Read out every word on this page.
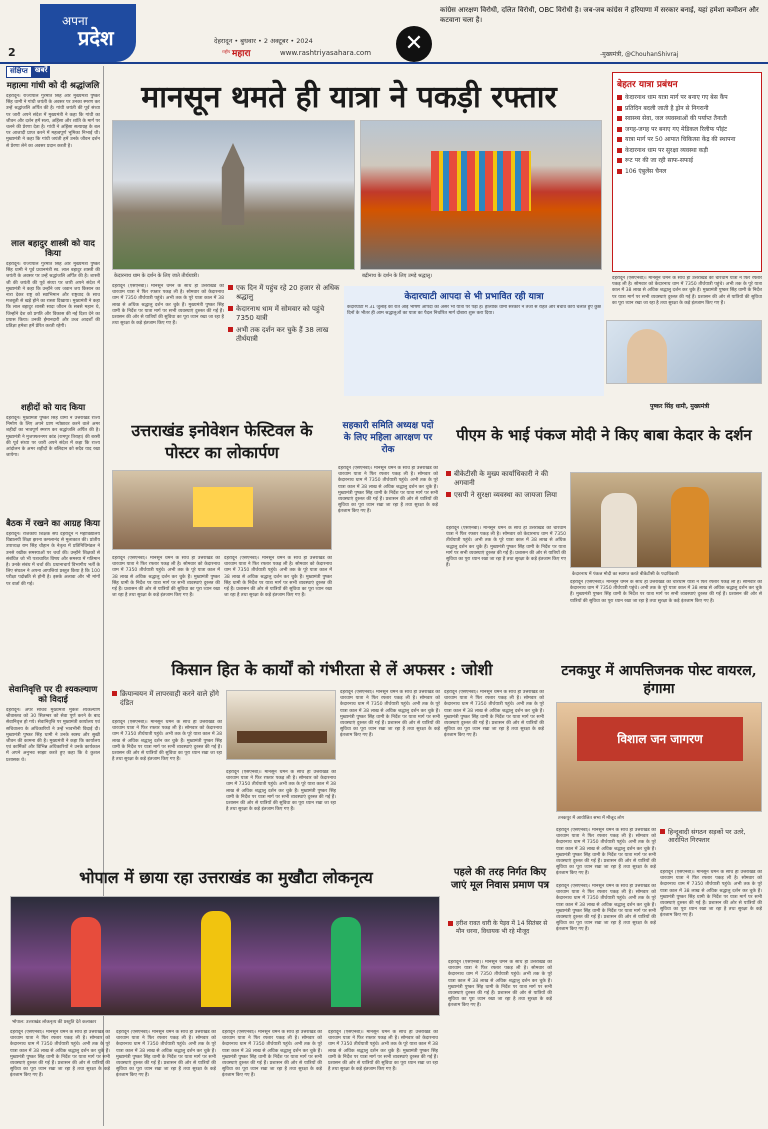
2
अपना
प्रदेश	देहरादून • बुधवार • 2 अक्टूबर • 2024
राष्ट्रीय महारा	www.rashtriyasahara.com	✕
कांग्रेस आरक्षण विरोधी, दलित विरोधी, OBC विरोधी है। जब-जब कांग्रेस ने हरियाणा में सरकार बनाई, यहां हमेशा कमीशन और कटवाना चला है।
-मुख्यमंत्री, @ChouhanShivraj
संक्षिप्त	खबरें
महात्मा गांधी को दी श्रद्धांजलि
देहरादून। राज्यपाल गुरमीत सिंह और मुख्यमंत्री पुष्कर सिंह धामी ने गांधी जयंती के अवसर पर उनका स्मरण कर उन्हें श्रद्धांजलि अर्पित की है। गांधी जयंती की पूर्व संध्या पर जारी अपने संदेश में मुख्यमंत्री ने कहा कि गांधी का जीवन और दर्शन हमें सत्य, अहिंसा और शांति के मार्ग पर चलने की प्रेरणा देता है। गांधी ने अहिंसा सत्याग्रह के बल पर आजादी प्राप्त करने में महत्वपूर्ण भूमिका निभाई थी। मुख्यमंत्री ने कहा कि गांधी जयंती हमें उनके जीवन दर्शन से प्रेरणा लेने का अवसर प्रदान करती है।
लाल बहादुर शास्त्री को याद किया
देहरादून। राज्यपाल गुरमीत सिंह और मुख्यमंत्री पुष्कर सिंह धामी ने पूर्व प्रधानमंत्री स्व. लाल बहादुर शास्त्री की जयंती के अवसर पर उन्हें श्रद्धांजलि अर्पित की है। शास्त्री जी की जयंती की पूर्व संध्या पर जारी अपने संदेश में मुख्यमंत्री ने कहा कि उन्होंने जय जवान जय किसान का नारा देकर राष्ट्र को स्वाभिमान और राष्ट्रवाद के साथ मजबूती से खड़े होने का रास्ता दिखाया। मुख्यमंत्री ने कहा कि लाल बहादुर शास्त्री सादा जीवन के सबसे महान थे, जिन्होंने देश को प्रगति और विकास की नई दिशा देने का प्रयास किया। उनकी ईमानदारी और उच्च आदर्शों की प्रतिज्ञा हमेशा हमें प्रेरित करती रहेगी।
शहीदों को याद किया
देहरादून। मुख्यमंत्री पुष्कर सिंह धामी ने उत्तराखंड राज्य निर्माण के लिए अपने प्राण न्योछावर करने वाले अमर शहीदों का भावपूर्ण स्मरण कर श्रद्धांजलि अर्पित की है। मुख्यमंत्री ने मुजफ्फरनगर कांड (रामपुर तिराहा) की बरसी की पूर्व संध्या पर जारी अपने संदेश में कहा कि राज्य आंदोलन के अमर शहीदों के बलिदान को सदैव याद रखा जायेगा।
बैठक में रखने का आग्रह किया
देहरादून। राजकीय शिक्षक संघ देहरादून ने महाविद्यालय विद्यालयी शिक्षा झरना कमलानंद से मुलाकात की। प्रांतीय उपाध्यक्ष राम सिंह चौहान के नेतृत्व में प्रतिनिधिमंडल ने उनसे रखीक समस्याओं पर चर्चा की। उन्होंने शिक्षकों से संबंधित जो भी पत्राचारित विषय और समस्या में गतिमान है। उनके संबंध में चर्चा की। प्रधानाचार्य विभागीय भर्ती के लिए संघठन ने अपना आपत्तियां प्रस्तुत किया है कि 100 परीक्षा पदोन्नति से होनी है। इसके अलावा और भी मांगों पर वार्ता की गई।
सेवानिवृत्ति पर दी श्यकल्याण को विदाई
देहरादून। अपर सचिव मुख्यमंत्री मुकेश श्यकल्याण श्रीवास्तव को 30 सितम्बर को सेवा पूर्ण करने के बाद सेवानिवृत्त हो गये। सेवानिवृत्ति पर मुख्यमंत्री कार्यालय एवं सचिवालय के अधिकारियों ने उन्हें भावभीनी विदाई दी। मुख्यमंत्री पुष्कर सिंह धामी ने उनके स्वस्थ और सुखी जीवन की कामना की है। मुख्यमंत्री ने कहा कि कार्यालय एवं कार्मिकों और विभिन्न अधिकारियों ने उनके कार्यकाल में अपने अनुभव साझा करते हुए कहा कि वे कुशल प्रशासक थे।
मानसून थमते ही यात्रा ने पकड़ी रफ्तार
केदारनाथ धाम के दर्शन के लिए जाते तीर्थयात्री।	बद्रीनाथ के दर्शन के लिए उमड़े श्रद्धालु।
बेहतर यात्रा प्रबंधन
केदारनाथ धाम यात्रा मार्ग पर बनाए गए बेस कैंप
प्रतिदिन बदली जाती है ड्रोन से निगरानी
स्वास्थ्य सेवा, जल व्यवस्थाओं की पर्याप्त तैनाती
जगह-जगह पर बनाए गए मेडिकल रिलीफ पॉइंट
यात्रा मार्ग पर 50 आपात चिकित्सा केंद्र की स्थापना
केदारनाथ धाम पर सुरक्षा व्यवस्था कड़ी
रूट पर की जा रही साफ-सफाई
106 एंबुलेंस चैनल
देहरादून (एसएनबी)। मानसून थमने के साथ ही उत्तराखंड की चारधाम यात्रा ने फिर रफ्तार पकड़ ली है। सोमवार को केदारनाथ धाम में 7350 तीर्थयात्री पहुंचे। अभी तक के पूरे यात्रा काल में 38 लाख से अधिक श्रद्धालु दर्शन कर चुके हैं। मुख्यमंत्री पुष्कर सिंह धामी के निर्देश पर यात्रा मार्ग पर सभी व्यवस्थाएं दुरुस्त की गई हैं। प्रशासन की ओर से यात्रियों की सुविधा का पूरा ध्यान रखा जा रहा है तथा सुरक्षा के कड़े इंतजाम किए गए हैं।
देहरादून (एसएनबी)। मानसून थमने के साथ ही उत्तराखंड की चारधाम यात्रा ने फिर रफ्तार पकड़ ली है। सोमवार को केदारनाथ धाम में 7350 तीर्थयात्री पहुंचे। अभी तक के पूरे यात्रा काल में 38 लाख से अधिक श्रद्धालु दर्शन कर चुके हैं। मुख्यमंत्री पुष्कर सिंह धामी के निर्देश पर यात्रा मार्ग पर सभी व्यवस्थाएं दुरुस्त की गई हैं। प्रशासन की ओर से यात्रियों की सुविधा का पूरा ध्यान रखा जा रहा है तथा सुरक्षा के कड़े इंतजाम किए गए हैं।
एक दिन में पहुंच रहे 20 हजार से अधिक श्रद्धालु
केदारनाथ धाम में सोमवार को पहुंचे 7350 यात्री
अभी तक दर्शन कर चुके हैं 38 लाख तीर्थयात्री
केदारघाटी आपदा से भी प्रभावित रही यात्रा
केदारघाटी में 31 जुलाई की रात आई भीषण आपदा का असर भी यात्रा पर पड़ा है। हालांकि धामी सरकार ने तेजी से राहत और बचाव कार्य चलाते हुए कुछ दिनों के भीतर ही आम श्रद्धालुओं का यात्रा का पैदल निर्धारित मार्ग दोबारा शुरू करा दिया।
पुष्कर सिंह धामी, मुख्यमंत्री
उत्तराखंड इनोवेशन फेस्टिवल के पोस्टर का लोकार्पण
देहरादून (एसएनबी)। मानसून थमने के साथ ही उत्तराखंड की चारधाम यात्रा ने फिर रफ्तार पकड़ ली है। सोमवार को केदारनाथ धाम में 7350 तीर्थयात्री पहुंचे। अभी तक के पूरे यात्रा काल में 38 लाख से अधिक श्रद्धालु दर्शन कर चुके हैं। मुख्यमंत्री पुष्कर सिंह धामी के निर्देश पर यात्रा मार्ग पर सभी व्यवस्थाएं दुरुस्त की गई हैं। प्रशासन की ओर से यात्रियों की सुविधा का पूरा ध्यान रखा जा रहा है तथा सुरक्षा के कड़े इंतजाम किए गए हैं।
देहरादून (एसएनबी)। मानसून थमने के साथ ही उत्तराखंड की चारधाम यात्रा ने फिर रफ्तार पकड़ ली है। सोमवार को केदारनाथ धाम में 7350 तीर्थयात्री पहुंचे। अभी तक के पूरे यात्रा काल में 38 लाख से अधिक श्रद्धालु दर्शन कर चुके हैं। मुख्यमंत्री पुष्कर सिंह धामी के निर्देश पर यात्रा मार्ग पर सभी व्यवस्थाएं दुरुस्त की गई हैं। प्रशासन की ओर से यात्रियों की सुविधा का पूरा ध्यान रखा जा रहा है तथा सुरक्षा के कड़े इंतजाम किए गए हैं।
सहकारी समिति अध्यक्ष पदों के लिए महिला आरक्षण पर रोक
देहरादून (एसएनबी)। मानसून थमने के साथ ही उत्तराखंड की चारधाम यात्रा ने फिर रफ्तार पकड़ ली है। सोमवार को केदारनाथ धाम में 7350 तीर्थयात्री पहुंचे। अभी तक के पूरे यात्रा काल में 38 लाख से अधिक श्रद्धालु दर्शन कर चुके हैं। मुख्यमंत्री पुष्कर सिंह धामी के निर्देश पर यात्रा मार्ग पर सभी व्यवस्थाएं दुरुस्त की गई हैं। प्रशासन की ओर से यात्रियों की सुविधा का पूरा ध्यान रखा जा रहा है तथा सुरक्षा के कड़े इंतजाम किए गए हैं।
पीएम के भाई पंकज मोदी ने किए बाबा केदार के दर्शन
बीकेटीसी के मुख्य कार्याधिकारी ने की अगवानी
एसपी ने सुरक्षा व्यवस्था का जायजा लिया
केदारनाथ में पंकज मोदी का स्वागत करते बीकेटीसी के पदाधिकारी
देहरादून (एसएनबी)। मानसून थमने के साथ ही उत्तराखंड की चारधाम यात्रा ने फिर रफ्तार पकड़ ली है। सोमवार को केदारनाथ धाम में 7350 तीर्थयात्री पहुंचे। अभी तक के पूरे यात्रा काल में 38 लाख से अधिक श्रद्धालु दर्शन कर चुके हैं। मुख्यमंत्री पुष्कर सिंह धामी के निर्देश पर यात्रा मार्ग पर सभी व्यवस्थाएं दुरुस्त की गई हैं। प्रशासन की ओर से यात्रियों की सुविधा का पूरा ध्यान रखा जा रहा है तथा सुरक्षा के कड़े इंतजाम किए गए हैं।
देहरादून (एसएनबी)। मानसून थमने के साथ ही उत्तराखंड की चारधाम यात्रा ने फिर रफ्तार पकड़ ली है। सोमवार को केदारनाथ धाम में 7350 तीर्थयात्री पहुंचे। अभी तक के पूरे यात्रा काल में 38 लाख से अधिक श्रद्धालु दर्शन कर चुके हैं। मुख्यमंत्री पुष्कर सिंह धामी के निर्देश पर यात्रा मार्ग पर सभी व्यवस्थाएं दुरुस्त की गई हैं। प्रशासन की ओर से यात्रियों की सुविधा का पूरा ध्यान रखा जा रहा है तथा सुरक्षा के कड़े इंतजाम किए गए हैं।
किसान हित के कार्यों को गंभीरता से लें अफसर : जोशी
क्रियान्वयन में लापरवाही करने वाले होंगे दंडित
देहरादून (एसएनबी)। मानसून थमने के साथ ही उत्तराखंड की चारधाम यात्रा ने फिर रफ्तार पकड़ ली है। सोमवार को केदारनाथ धाम में 7350 तीर्थयात्री पहुंचे। अभी तक के पूरे यात्रा काल में 38 लाख से अधिक श्रद्धालु दर्शन कर चुके हैं। मुख्यमंत्री पुष्कर सिंह धामी के निर्देश पर यात्रा मार्ग पर सभी व्यवस्थाएं दुरुस्त की गई हैं। प्रशासन की ओर से यात्रियों की सुविधा का पूरा ध्यान रखा जा रहा है तथा सुरक्षा के कड़े इंतजाम किए गए हैं।
देहरादून (एसएनबी)। मानसून थमने के साथ ही उत्तराखंड की चारधाम यात्रा ने फिर रफ्तार पकड़ ली है। सोमवार को केदारनाथ धाम में 7350 तीर्थयात्री पहुंचे। अभी तक के पूरे यात्रा काल में 38 लाख से अधिक श्रद्धालु दर्शन कर चुके हैं। मुख्यमंत्री पुष्कर सिंह धामी के निर्देश पर यात्रा मार्ग पर सभी व्यवस्थाएं दुरुस्त की गई हैं। प्रशासन की ओर से यात्रियों की सुविधा का पूरा ध्यान रखा जा रहा है तथा सुरक्षा के कड़े इंतजाम किए गए हैं।
देहरादून (एसएनबी)। मानसून थमने के साथ ही उत्तराखंड की चारधाम यात्रा ने फिर रफ्तार पकड़ ली है। सोमवार को केदारनाथ धाम में 7350 तीर्थयात्री पहुंचे। अभी तक के पूरे यात्रा काल में 38 लाख से अधिक श्रद्धालु दर्शन कर चुके हैं। मुख्यमंत्री पुष्कर सिंह धामी के निर्देश पर यात्रा मार्ग पर सभी व्यवस्थाएं दुरुस्त की गई हैं। प्रशासन की ओर से यात्रियों की सुविधा का पूरा ध्यान रखा जा रहा है तथा सुरक्षा के कड़े इंतजाम किए गए हैं।
देहरादून (एसएनबी)। मानसून थमने के साथ ही उत्तराखंड की चारधाम यात्रा ने फिर रफ्तार पकड़ ली है। सोमवार को केदारनाथ धाम में 7350 तीर्थयात्री पहुंचे। अभी तक के पूरे यात्रा काल में 38 लाख से अधिक श्रद्धालु दर्शन कर चुके हैं। मुख्यमंत्री पुष्कर सिंह धामी के निर्देश पर यात्रा मार्ग पर सभी व्यवस्थाएं दुरुस्त की गई हैं। प्रशासन की ओर से यात्रियों की सुविधा का पूरा ध्यान रखा जा रहा है तथा सुरक्षा के कड़े इंतजाम किए गए हैं।
टनकपुर में आपत्तिजनक पोस्ट वायरल, हंगामा
विशाल जन जागरण
तनकपुर में आयोजित सभा में मौजूद लोग
देहरादून (एसएनबी)। मानसून थमने के साथ ही उत्तराखंड की चारधाम यात्रा ने फिर रफ्तार पकड़ ली है। सोमवार को केदारनाथ धाम में 7350 तीर्थयात्री पहुंचे। अभी तक के पूरे यात्रा काल में 38 लाख से अधिक श्रद्धालु दर्शन कर चुके हैं। मुख्यमंत्री पुष्कर सिंह धामी के निर्देश पर यात्रा मार्ग पर सभी व्यवस्थाएं दुरुस्त की गई हैं। प्रशासन की ओर से यात्रियों की सुविधा का पूरा ध्यान रखा जा रहा है तथा सुरक्षा के कड़े इंतजाम किए गए हैं।
भोपाल में छाया रहा उत्तराखंड का मुखौटा लोकनृत्य
भोपाल: उत्तराखंड लोकनृत्य की प्रस्तुति देते कलाकार
देहरादून (एसएनबी)। मानसून थमने के साथ ही उत्तराखंड की चारधाम यात्रा ने फिर रफ्तार पकड़ ली है। सोमवार को केदारनाथ धाम में 7350 तीर्थयात्री पहुंचे। अभी तक के पूरे यात्रा काल में 38 लाख से अधिक श्रद्धालु दर्शन कर चुके हैं। मुख्यमंत्री पुष्कर सिंह धामी के निर्देश पर यात्रा मार्ग पर सभी व्यवस्थाएं दुरुस्त की गई हैं। प्रशासन की ओर से यात्रियों की सुविधा का पूरा ध्यान रखा जा रहा है तथा सुरक्षा के कड़े इंतजाम किए गए हैं।
देहरादून (एसएनबी)। मानसून थमने के साथ ही उत्तराखंड की चारधाम यात्रा ने फिर रफ्तार पकड़ ली है। सोमवार को केदारनाथ धाम में 7350 तीर्थयात्री पहुंचे। अभी तक के पूरे यात्रा काल में 38 लाख से अधिक श्रद्धालु दर्शन कर चुके हैं। मुख्यमंत्री पुष्कर सिंह धामी के निर्देश पर यात्रा मार्ग पर सभी व्यवस्थाएं दुरुस्त की गई हैं। प्रशासन की ओर से यात्रियों की सुविधा का पूरा ध्यान रखा जा रहा है तथा सुरक्षा के कड़े इंतजाम किए गए हैं।
देहरादून (एसएनबी)। मानसून थमने के साथ ही उत्तराखंड की चारधाम यात्रा ने फिर रफ्तार पकड़ ली है। सोमवार को केदारनाथ धाम में 7350 तीर्थयात्री पहुंचे। अभी तक के पूरे यात्रा काल में 38 लाख से अधिक श्रद्धालु दर्शन कर चुके हैं। मुख्यमंत्री पुष्कर सिंह धामी के निर्देश पर यात्रा मार्ग पर सभी व्यवस्थाएं दुरुस्त की गई हैं। प्रशासन की ओर से यात्रियों की सुविधा का पूरा ध्यान रखा जा रहा है तथा सुरक्षा के कड़े इंतजाम किए गए हैं।
देहरादून (एसएनबी)। मानसून थमने के साथ ही उत्तराखंड की चारधाम यात्रा ने फिर रफ्तार पकड़ ली है। सोमवार को केदारनाथ धाम में 7350 तीर्थयात्री पहुंचे। अभी तक के पूरे यात्रा काल में 38 लाख से अधिक श्रद्धालु दर्शन कर चुके हैं। मुख्यमंत्री पुष्कर सिंह धामी के निर्देश पर यात्रा मार्ग पर सभी व्यवस्थाएं दुरुस्त की गई हैं। प्रशासन की ओर से यात्रियों की सुविधा का पूरा ध्यान रखा जा रहा है तथा सुरक्षा के कड़े इंतजाम किए गए हैं।
पहले की तरह निर्गत किए जाएं मूल निवास प्रमाण पत्र
हरीश रावत धारी के पेड़व में 14 सितंबर से मौन धरना, विधायक भी रहे मौजूद
देहरादून (एसएनबी)। मानसून थमने के साथ ही उत्तराखंड की चारधाम यात्रा ने फिर रफ्तार पकड़ ली है। सोमवार को केदारनाथ धाम में 7350 तीर्थयात्री पहुंचे। अभी तक के पूरे यात्रा काल में 38 लाख से अधिक श्रद्धालु दर्शन कर चुके हैं। मुख्यमंत्री पुष्कर सिंह धामी के निर्देश पर यात्रा मार्ग पर सभी व्यवस्थाएं दुरुस्त की गई हैं। प्रशासन की ओर से यात्रियों की सुविधा का पूरा ध्यान रखा जा रहा है तथा सुरक्षा के कड़े इंतजाम किए गए हैं।
हिन्दूवादी संगठन सड़कों पर उतरे, आरोपित गिरफ्तार
देहरादून (एसएनबी)। मानसून थमने के साथ ही उत्तराखंड की चारधाम यात्रा ने फिर रफ्तार पकड़ ली है। सोमवार को केदारनाथ धाम में 7350 तीर्थयात्री पहुंचे। अभी तक के पूरे यात्रा काल में 38 लाख से अधिक श्रद्धालु दर्शन कर चुके हैं। मुख्यमंत्री पुष्कर सिंह धामी के निर्देश पर यात्रा मार्ग पर सभी व्यवस्थाएं दुरुस्त की गई हैं। प्रशासन की ओर से यात्रियों की सुविधा का पूरा ध्यान रखा जा रहा है तथा सुरक्षा के कड़े इंतजाम किए गए हैं।
देहरादून (एसएनबी)। मानसून थमने के साथ ही उत्तराखंड की चारधाम यात्रा ने फिर रफ्तार पकड़ ली है। सोमवार को केदारनाथ धाम में 7350 तीर्थयात्री पहुंचे। अभी तक के पूरे यात्रा काल में 38 लाख से अधिक श्रद्धालु दर्शन कर चुके हैं। मुख्यमंत्री पुष्कर सिंह धामी के निर्देश पर यात्रा मार्ग पर सभी व्यवस्थाएं दुरुस्त की गई हैं। प्रशासन की ओर से यात्रियों की सुविधा का पूरा ध्यान रखा जा रहा है तथा सुरक्षा के कड़े इंतजाम किए गए हैं।
